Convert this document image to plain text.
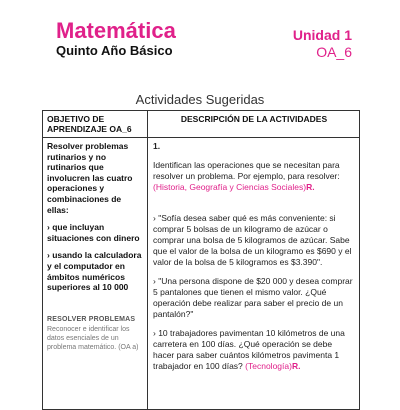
Matemática
Quinto Año Básico
Unidad 1
OA_6
Actividades Sugeridas
OBJETIVO DE APRENDIZAJE OA_6
DESCRIPCIÓN DE LA ACTIVIDADES

Resolver problemas rutinarios y no rutinarios que involucren las cuatro operaciones y combinaciones de ellas:

› que incluyan situaciones con dinero

› usando la calculadora y el computador en ámbitos numéricos superiores al 10 000

RESOLVER PROBLEMAS
Reconocer e identificar los datos esenciales de un problema matemático. (OA a)

1.

Identifican las operaciones que se necesitan para resolver un problema. Por ejemplo, para resolver: (Historia, Geografía y Ciencias Sociales)R.

› "Sofía desea saber qué es más conveniente: si comprar 5 bolsas de un kilogramo de azúcar o comprar una bolsa de 5 kilogramos de azúcar. Sabe que el valor de la bolsa de un kilogramo es $690 y el valor de la bolsa de 5 kilogramos es $3.390".

› "Una persona dispone de $20 000 y desea comprar 5 pantalones que tienen el mismo valor. ¿Qué operación debe realizar para saber el precio de un pantalón?"

› 10 trabajadores pavimentan 10 kilómetros de una carretera en 100 días. ¿Qué operación se debe hacer para saber cuántos kilómetros pavimenta 1 trabajador en 100 días? (Tecnología)R.
